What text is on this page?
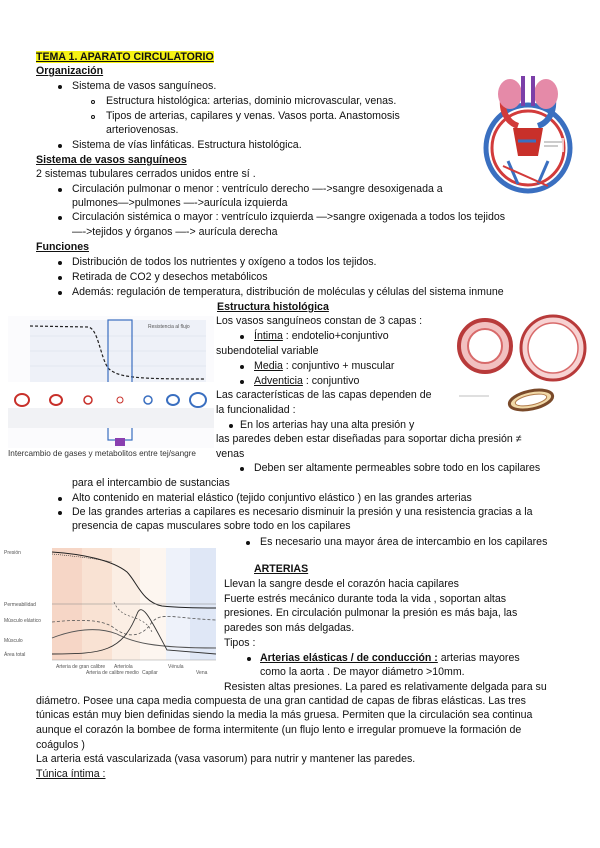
TEMA 1. APARATO CIRCULATORIO
Organización
Sistema de vasos sanguíneos.
Estructura histológica: arterias, dominio microvascular, venas.
Tipos de arterias, capilares y venas. Vasos porta. Anastomosis
arteriovenosas.
Sistema de vías linfáticas. Estructura histológica.
Sistema de vasos sanguíneos
2 sistemas tubulares cerrados unidos entre sí .
Circulación pulmonar o menor : ventrículo derecho —->sangre desoxigenada a
pulmones—>pulmones —->aurícula izquierda
Circulación sistémica o mayor : ventrículo izquierda —>sangre oxigenada a todos los tejidos
—->tejidos y órganos —-> aurícula derecha
Funciones
Distribución de todos los nutrientes y oxígeno a todos los tejidos.
Retirada de CO2 y desechos metabólicos
Además: regulación de temperatura, distribución de moléculas y células del sistema inmune
Resistencia al flujo
Intercambio de gases y metabolitos entre tej/sangre
Estructura histológica
Los vasos sanguíneos constan de 3 capas :
Íntima : endotelio+conjuntivo
subendotelial variable
Media : conjuntivo + muscular
Adventicia : conjuntivo
Las características de las capas dependen de
la funcionalidad :
En los arterias hay una alta presión y
las paredes deben estar diseñadas para soportar dicha presión ≠
venas
Deben ser altamente permeables sobre todo en los capilares
para el intercambio de sustancias
Alto contenido en material elástico (tejido conjuntivo elástico ) en las grandes arterias
De las grandes arterias a capilares es necesario disminuir la presión y una resistencia gracias a la
presencia de capas musculares sobre todo en los capilares
Es necesario una mayor área de intercambio en los capilares
Presión
Permeabilidad
Músculo elástico
Músculo
Área total
Arteria de gran calibre
Arteria de calibre medio
Arteriola
Capilar
Vénula
Vena
ARTERIAS
Llevan la sangre desde el corazón hacia capilares
Fuerte estrés mecánico durante toda la vida , soportan altas
presiones. En circulación pulmonar la presión es más baja, las
paredes son más delgadas.
Tipos :
Arterias elásticas / de conducción : arterias mayores
como la aorta . De mayor diámetro >10mm.
Resisten altas presiones. La pared es relativamente delgada para su
diámetro. Posee una capa media compuesta de una gran cantidad de capas de fibras elásticas. Las tres
túnicas están muy bien definidas siendo la media la más gruesa. Permiten que la circulación sea continua
aunque el corazón la bombee de forma intermitente (un flujo lento e irregular promueve la formación de
coágulos )
La arteria está vascularizada (vasa vasorum) para nutrir y mantener las paredes.
Túnica íntima :
